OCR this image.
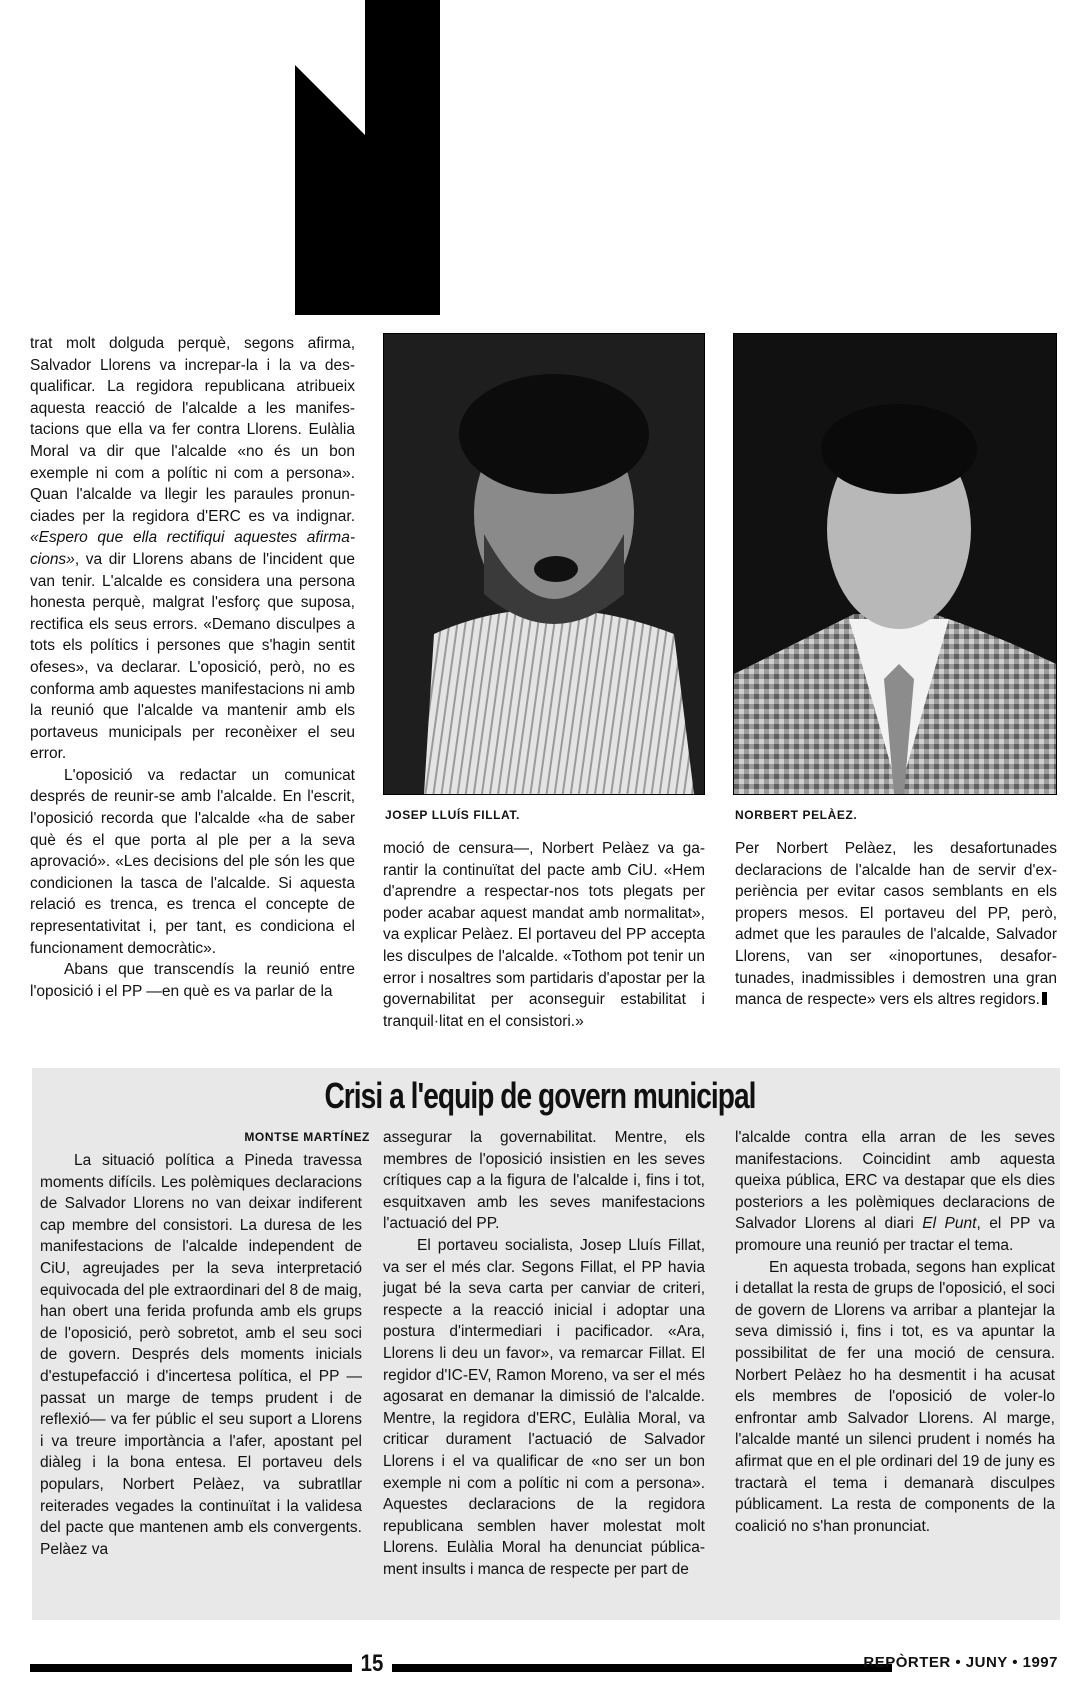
trat molt dolguda perquè, segons afirma, Salvador Llorens va increpar-la i la va desqualificar. La regidora republicana atribueix aquesta reacció de l'alcalde a les manifestacions que ella va fer contra Llorens. Eulàlia Moral va dir que l'alcalde «no és un bon exemple ni com a polític ni com a persona». Quan l'alcalde va llegir les paraules pronunciades per la regidora d'ERC es va indignar. «Espero que ella rectifiqui aquestes afirmacions», va dir Llorens abans de l'incident que van tenir. L'alcalde es considera una persona honesta perquè, malgrat l'esforç que suposa, rectifica els seus errors. «Demano disculpes a tots els polítics i persones que s'hagin sentit ofeses», va declarar. L'oposició, però, no es conforma amb aquestes manifestacions ni amb la reunió que l'alcalde va mantenir amb els portaveus municipals per reconèixer el seu error.

L'oposició va redactar un comunicat després de reunir-se amb l'alcalde. En l'escrit, l'oposició recorda que l'alcalde «ha de saber què és el que porta al ple per a la seva aprovació». «Les decisions del ple són les que condicionen la tasca de l'alcalde. Si aquesta relació es trenca, es trenca el concepte de representativitat i, per tant, es condiciona el funcionament democràtic».

Abans que transcendís la reunió entre l'oposició i el PP —en què es va parlar de la

JOSEP LLUÍS FILLAT.

moció de censura—, Norbert Pelàez va garantir la continuïtat del pacte amb CiU. «Hem d'aprendre a respectar-nos tots plegats per poder acabar aquest mandat amb normalitat», va explicar Pelàez. El portaveu del PP accepta les disculpes de l'alcalde. «Tothom pot tenir un error i nosaltres som partidaris d'apostar per la governabilitat per aconseguir estabilitat i tranquil·litat en el consistori.»

NORBERT PELÀEZ.

Per Norbert Pelàez, les desafortunades declaracions de l'alcalde han de servir d'experiència per evitar casos semblants en els propers mesos. El portaveu del PP, però, admet que les paraules de l'alcalde, Salvador Llorens, van ser «inoportunes, desafortunades, inadmissibles i demostren una gran manca de respecte» vers els altres regidors.

Crisi a l'equip de govern municipal
MONTSE MARTÍNEZ

La situació política a Pineda travessa moments difícils. Les polèmiques declaracions de Salvador Llorens no van deixar indiferent cap membre del consistori. La duresa de les manifestacions de l'alcalde independent de CiU, agreujades per la seva interpretació equivocada del ple extraordinari del 8 de maig, han obert una ferida profunda amb els grups de l'oposició, però sobretot, amb el seu soci de govern. Després dels moments inicials d'estupefacció i d'incertesa política, el PP —passat un marge de temps prudent i de reflexió— va fer públic el seu suport a Llorens i va treure importància a l'afer, apostant pel diàleg i la bona entesa. El portaveu dels populars, Norbert Pelàez, va subratllar reiterades vegades la continuïtat i la validesa del pacte que mantenen amb els convergents. Pelàez va

assegurar la governabilitat. Mentre, els membres de l'oposició insistien en les seves crítiques cap a la figura de l'alcalde i, fins i tot, esquitxaven amb les seves manifestacions l'actuació del PP.

El portaveu socialista, Josep Lluís Fillat, va ser el més clar. Segons Fillat, el PP havia jugat bé la seva carta per canviar de criteri, respecte a la reacció inicial i adoptar una postura d'intermediari i pacificador. «Ara, Llorens li deu un favor», va remarcar Fillat. El regidor d'IC-EV, Ramon Moreno, va ser el més agosarat en demanar la dimissió de l'alcalde. Mentre, la regidora d'ERC, Eulàlia Moral, va criticar durament l'actuació de Salvador Llorens i el va qualificar de «no ser un bon exemple ni com a polític ni com a persona». Aquestes declaracions de la regidora republicana semblen haver molestat molt Llorens. Eulàlia Moral ha denunciat públicament insults i manca de respecte per part de

l'alcalde contra ella arran de les seves manifestacions. Coincidint amb aquesta queixa pública, ERC va destapar que els dies posteriors a les polèmiques declaracions de Salvador Llorens al diari El Punt, el PP va promoure una reunió per tractar el tema.

En aquesta trobada, segons han explicat i detallat la resta de grups de l'oposició, el soci de govern de Llorens va arribar a plantejar la seva dimissió i, fins i tot, es va apuntar la possibilitat de fer una moció de censura. Norbert Pelàez ho ha desmentit i ha acusat els membres de l'oposició de voler-lo enfrontar amb Salvador Llorens. Al marge, l'alcalde manté un silenci prudent i només ha afirmat que en el ple ordinari del 19 de juny es tractarà el tema i demanarà disculpes públicament. La resta de components de la coalició no s'han pronunciat.

15	REPÒRTER • JUNY • 1997
